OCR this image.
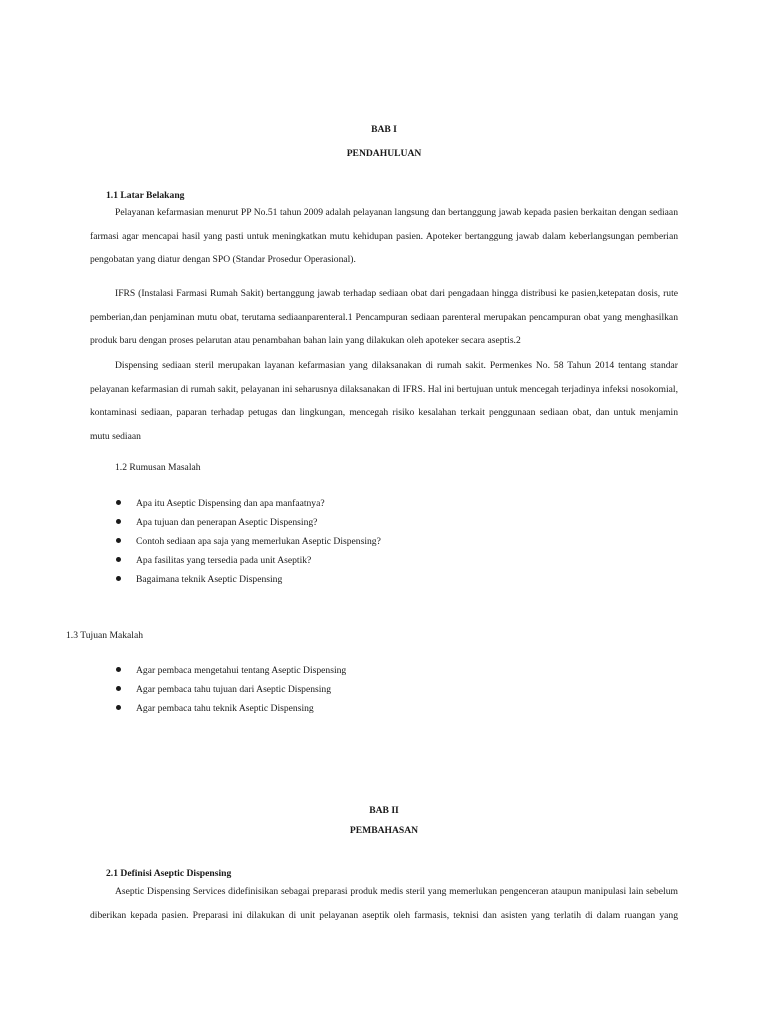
BAB I
PENDAHULUAN
1.1 Latar Belakang
Pelayanan kefarmasian menurut PP No.51 tahun 2009 adalah pelayanan langsung dan bertanggung jawab kepada pasien berkaitan dengan sediaan
farmasi agar mencapai hasil yang pasti untuk meningkatkan mutu kehidupan pasien. Apoteker bertanggung jawab dalam keberlangsungan pemberian
pengobatan yang diatur dengan SPO (Standar Prosedur Operasional).
IFRS (Instalasi Farmasi Rumah Sakit) bertanggung jawab terhadap sediaan obat dari pengadaan hingga distribusi ke pasien,ketepatan dosis, rute
pemberian,dan penjaminan mutu obat, terutama sediaanparenteral.1 Pencampuran sediaan parenteral merupakan pencampuran obat yang menghasilkan
produk baru dengan proses pelarutan atau penambahan bahan lain yang dilakukan oleh apoteker secara aseptis.2
Dispensing sediaan steril merupakan layanan kefarmasian yang dilaksanakan di rumah sakit. Permenkes No. 58 Tahun 2014 tentang standar
pelayanan kefarmasian di rumah sakit, pelayanan ini seharusnya dilaksanakan di IFRS. Hal ini bertujuan untuk mencegah terjadinya infeksi nosokomial,
kontaminasi sediaan, paparan terhadap petugas dan lingkungan, mencegah risiko kesalahan terkait penggunaan sediaan obat, dan untuk menjamin
mutu sediaan
1.2 Rumusan Masalah
Apa itu Aseptic Dispensing dan apa manfaatnya?
Apa tujuan dan penerapan Aseptic Dispensing?
Contoh sediaan apa saja yang memerlukan Aseptic Dispensing?
Apa fasilitas yang tersedia pada unit Aseptik?
Bagaimana teknik Aseptic Dispensing
1.3 Tujuan Makalah
Agar pembaca mengetahui tentang Aseptic Dispensing
Agar pembaca tahu tujuan dari Aseptic Dispensing
Agar pembaca tahu teknik Aseptic Dispensing
BAB II
PEMBAHASAN
2.1 Definisi Aseptic Dispensing
Aseptic Dispensing Services didefinisikan sebagai preparasi produk medis steril yang memerlukan pengenceran ataupun manipulasi lain sebelum
diberikan kepada pasien. Preparasi ini dilakukan di unit pelayanan aseptik oleh farmasis, teknisi dan asisten yang terlatih di dalam ruangan yang
